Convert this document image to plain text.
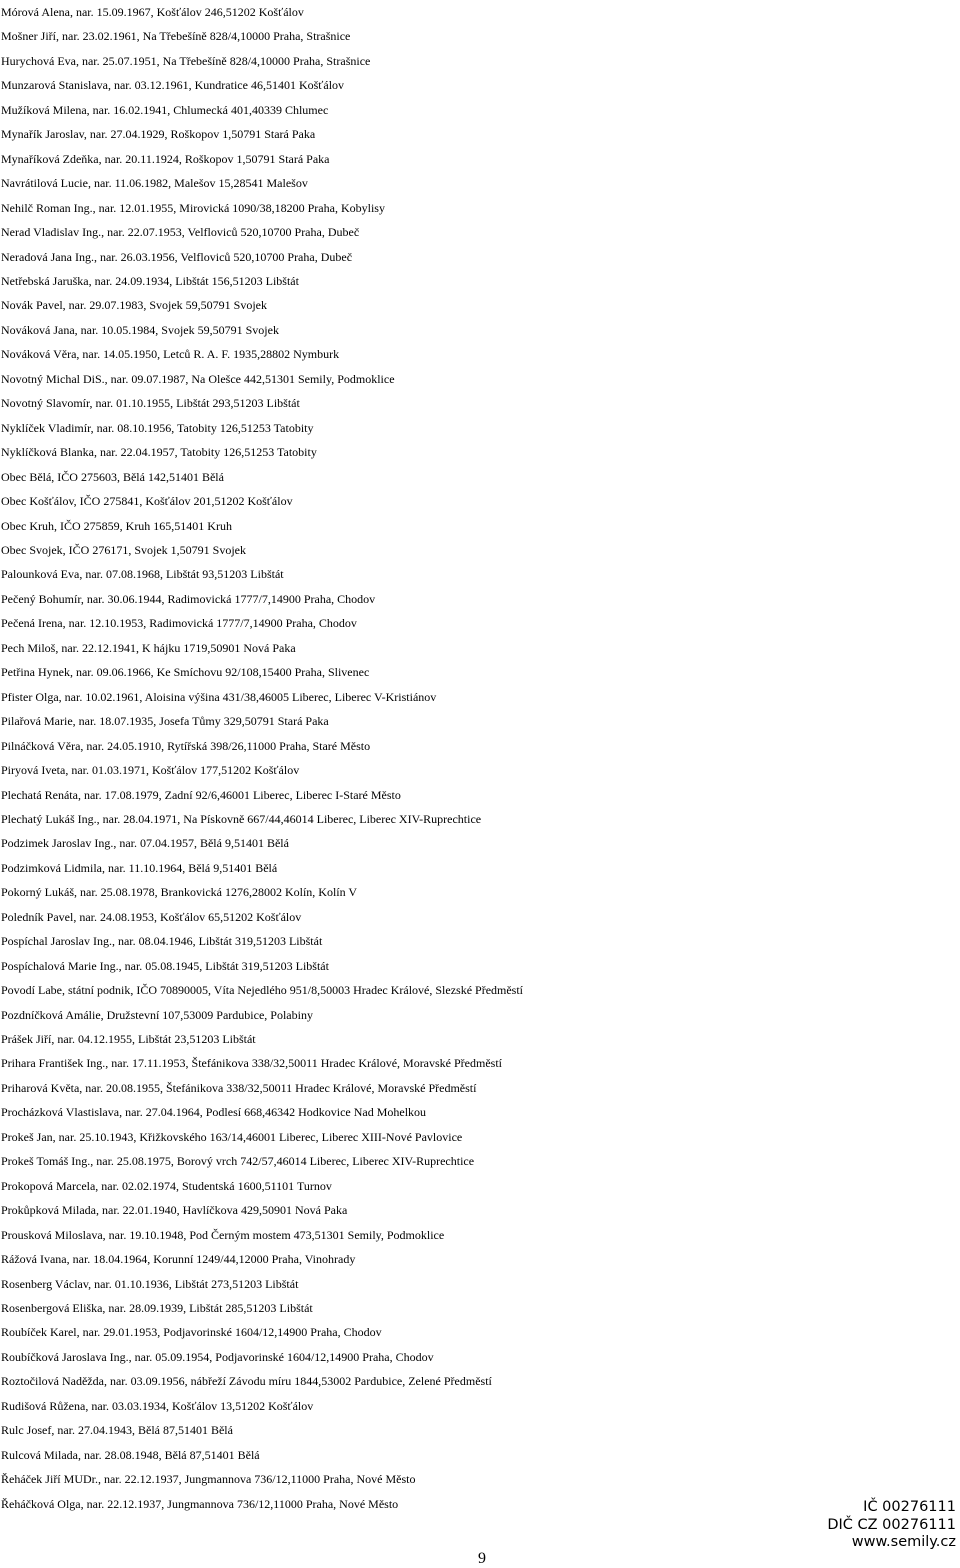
Mórová Alena, nar. 15.09.1967, Košťálov 246,51202 Košťálov
Mošner Jiří, nar. 23.02.1961, Na Třebešíně 828/4,10000 Praha, Strašnice
Hurychová Eva, nar. 25.07.1951, Na Třebešíně 828/4,10000 Praha, Strašnice
Munzarová Stanislava, nar. 03.12.1961, Kundratice 46,51401 Košťálov
Mužíková Milena, nar. 16.02.1941, Chlumecká 401,40339 Chlumec
Mynařík Jaroslav, nar. 27.04.1929, Roškopov 1,50791 Stará Paka
Mynaříková Zdeňka, nar. 20.11.1924, Roškopov 1,50791 Stará Paka
Navrátilová Lucie, nar. 11.06.1982, Malešov 15,28541 Malešov
Nehilč Roman Ing., nar. 12.01.1955, Mirovická 1090/38,18200 Praha, Kobylisy
Nerad Vladislav Ing., nar. 22.07.1953, Velfloviců 520,10700 Praha, Dubeč
Neradová Jana Ing., nar. 26.03.1956, Velfloviců 520,10700 Praha, Dubeč
Netřebská Jaruška, nar. 24.09.1934, Libštát 156,51203 Libštát
Novák Pavel, nar. 29.07.1983, Svojek 59,50791 Svojek
Nováková Jana, nar. 10.05.1984, Svojek 59,50791 Svojek
Nováková Věra, nar. 14.05.1950, Letců R. A. F. 1935,28802 Nymburk
Novotný Michal DiS., nar. 09.07.1987, Na Olešce 442,51301 Semily, Podmoklice
Novotný Slavomír, nar. 01.10.1955, Libštát 293,51203 Libštát
Nyklíček Vladimír, nar. 08.10.1956, Tatobity 126,51253 Tatobity
Nyklíčková Blanka, nar. 22.04.1957, Tatobity 126,51253 Tatobity
Obec Bělá, IČO 275603, Bělá 142,51401 Bělá
Obec Košťálov, IČO 275841, Košťálov 201,51202 Košťálov
Obec Kruh, IČO 275859, Kruh 165,51401 Kruh
Obec Svojek, IČO 276171, Svojek 1,50791 Svojek
Palounková Eva, nar. 07.08.1968, Libštát 93,51203 Libštát
Pečený Bohumír, nar. 30.06.1944, Radimovická 1777/7,14900 Praha, Chodov
Pečená Irena, nar. 12.10.1953, Radimovická 1777/7,14900 Praha, Chodov
Pech Miloš, nar. 22.12.1941, K hájku 1719,50901 Nová Paka
Petřina Hynek, nar. 09.06.1966, Ke Smíchovu 92/108,15400 Praha, Slivenec
Pfister Olga, nar. 10.02.1961, Aloisina výšina 431/38,46005 Liberec, Liberec V-Kristiánov
Pilařová Marie, nar. 18.07.1935, Josefa Tůmy 329,50791 Stará Paka
Pilnáčková Věra, nar. 24.05.1910, Rytířská 398/26,11000 Praha, Staré Město
Piryová Iveta, nar. 01.03.1971, Košťálov 177,51202 Košťálov
Plechatá Renáta, nar. 17.08.1979, Zadní 92/6,46001 Liberec, Liberec I-Staré Město
Plechatý Lukáš Ing., nar. 28.04.1971, Na Pískovně 667/44,46014 Liberec, Liberec XIV-Ruprechtice
Podzimek Jaroslav Ing., nar. 07.04.1957, Bělá 9,51401 Bělá
Podzimková Lidmila, nar. 11.10.1964, Bělá 9,51401 Bělá
Pokorný Lukáš, nar. 25.08.1978, Brankovická 1276,28002 Kolín, Kolín V
Poledník Pavel, nar. 24.08.1953, Košťálov 65,51202 Košťálov
Pospíchal Jaroslav Ing., nar. 08.04.1946, Libštát 319,51203 Libštát
Pospíchalová Marie Ing., nar. 05.08.1945, Libštát 319,51203 Libštát
Povodí Labe, státní podnik, IČO 70890005, Víta Nejedlého 951/8,50003 Hradec Králové, Slezské Předměstí
Pozdníčková Amálie, Družstevní 107,53009 Pardubice, Polabiny
Prášek Jiří, nar. 04.12.1955, Libštát 23,51203 Libštát
Prihara František Ing., nar. 17.11.1953, Štefánikova 338/32,50011 Hradec Králové, Moravské Předměstí
Priharová Květa, nar. 20.08.1955, Štefánikova 338/32,50011 Hradec Králové, Moravské Předměstí
Procházková Vlastislava, nar. 27.04.1964, Podlesí 668,46342 Hodkovice Nad Mohelkou
Prokeš Jan, nar. 25.10.1943, Křižkovského 163/14,46001 Liberec, Liberec XIII-Nové Pavlovice
Prokeš Tomáš Ing., nar. 25.08.1975, Borový vrch 742/57,46014 Liberec, Liberec XIV-Ruprechtice
Prokopová Marcela, nar. 02.02.1974, Studentská 1600,51101 Turnov
Prokůpková Milada, nar. 22.01.1940, Havlíčkova 429,50901 Nová Paka
Prousková Miloslava, nar. 19.10.1948, Pod Černým mostem 473,51301 Semily, Podmoklice
Rážová Ivana, nar. 18.04.1964, Korunní 1249/44,12000 Praha, Vinohrady
Rosenberg Václav, nar. 01.10.1936, Libštát 273,51203 Libštát
Rosenbergová Eliška, nar. 28.09.1939, Libštát 285,51203 Libštát
Roubíček Karel, nar. 29.01.1953, Podjavorinské 1604/12,14900 Praha, Chodov
Roubíčková Jaroslava Ing., nar. 05.09.1954, Podjavorinské 1604/12,14900 Praha, Chodov
Roztočilová Naděžda, nar. 03.09.1956, nábřeží Závodu míru 1844,53002 Pardubice, Zelené Předměstí
Rudišová Růžena, nar. 03.03.1934, Košťálov 13,51202 Košťálov
Rulc Josef, nar. 27.04.1943, Bělá 87,51401 Bělá
Rulcová Milada, nar. 28.08.1948, Bělá 87,51401 Bělá
Řeháček Jiří MUDr., nar. 22.12.1937, Jungmannova 736/12,11000 Praha, Nové Město
Řeháčková Olga, nar. 22.12.1937, Jungmannova 736/12,11000 Praha, Nové Město
9
IČ 00276111
DIČ CZ 00276111
www.semily.cz
